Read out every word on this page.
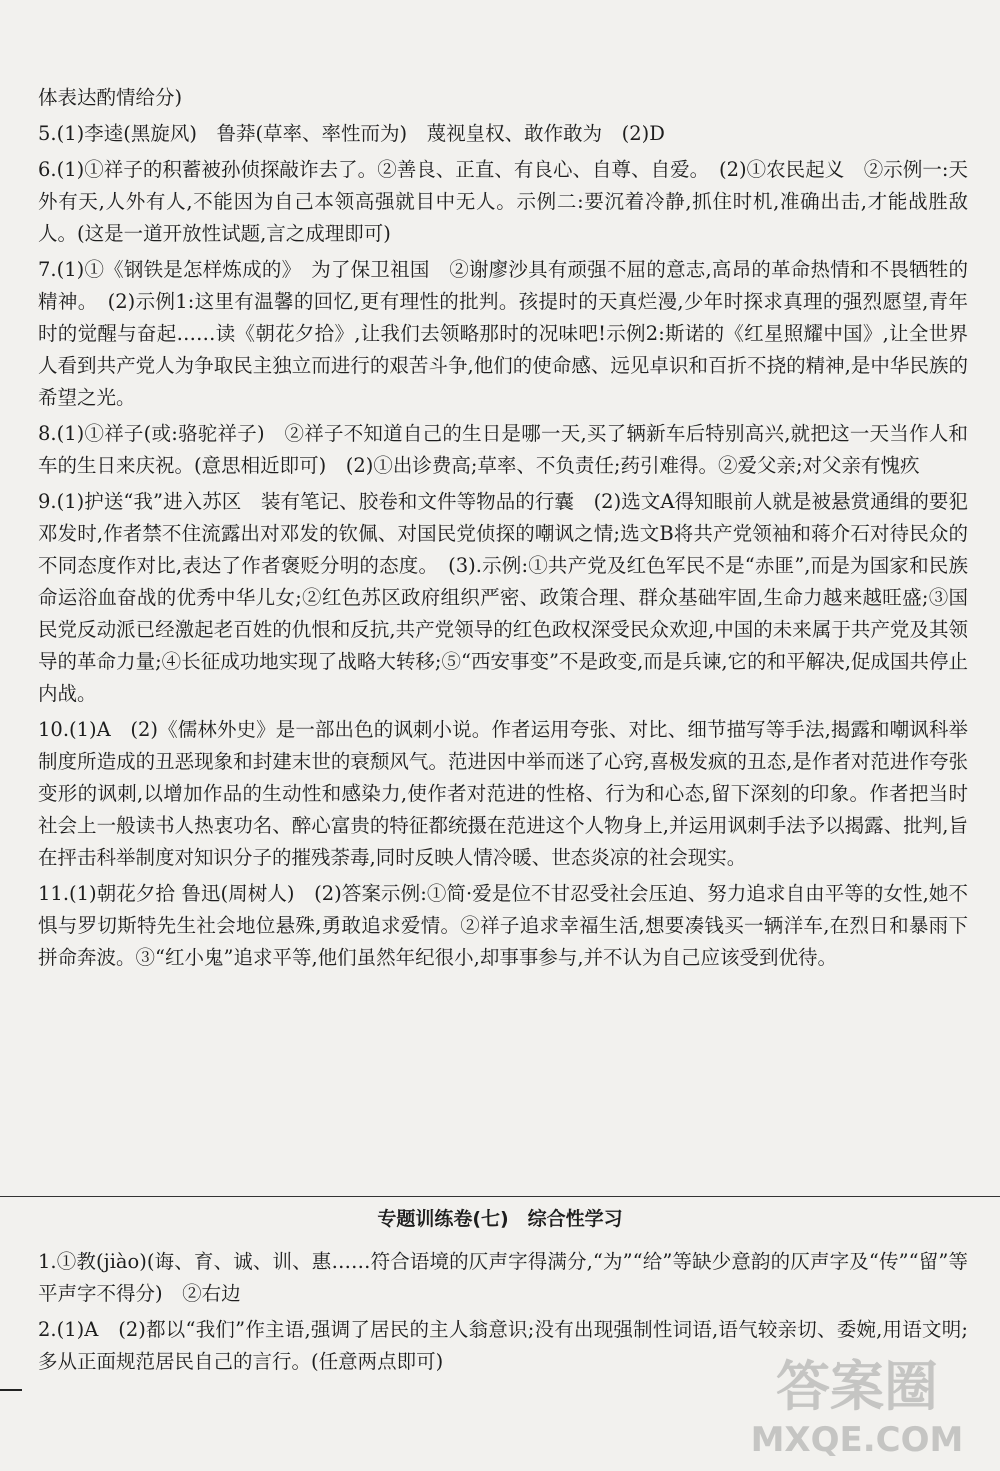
体表达酌情给分)

5.(1)李逵(黑旋风)　鲁莽(草率、率性而为)　蔑视皇权、敢作敢为　(2)D

6.(1)①祥子的积蓄被孙侦探敲诈去了。②善良、正直、有良心、自尊、自爱。　(2)①农民起义　②示例一:天外有天,人外有人,不能因为自己本领高强就目中无人。示例二:要沉着冷静,抓住时机,准确出击,才能战胜敌人。(这是一道开放性试题,言之成理即可)

7.(1)①《钢铁是怎样炼成的》　为了保卫祖国　②谢廖沙具有顽强不屈的意志,高昂的革命热情和不畏牺牲的精神。　(2)示例1:这里有温馨的回忆,更有理性的批判。孩提时的天真烂漫,少年时探求真理的强烈愿望,青年时的觉醒与奋起……读《朝花夕拾》,让我们去领略那时的况味吧!示例2:斯诺的《红星照耀中国》,让全世界人看到共产党人为争取民主独立而进行的艰苦斗争,他们的使命感、远见卓识和百折不挠的精神,是中华民族的希望之光。

8.(1)①祥子(或:骆驼祥子)　②祥子不知道自己的生日是哪一天,买了辆新车后特别高兴,就把这一天当作人和车的生日来庆祝。(意思相近即可)　(2)①出诊费高;草率、不负责任;药引难得。②爱父亲;对父亲有愧疚

9.(1)护送“我”进入苏区　装有笔记、胶卷和文件等物品的行囊　(2)选文A得知眼前人就是被悬赏通缉的要犯邓发时,作者禁不住流露出对邓发的钦佩、对国民党侦探的嘲讽之情;选文B将共产党领袖和蒋介石对待民众的不同态度作对比,表达了作者褒贬分明的态度。　(3).示例:①共产党及红色军民不是“赤匪”,而是为国家和民族命运浴血奋战的优秀中华儿女;②红色苏区政府组织严密、政策合理、群众基础牢固,生命力越来越旺盛;③国民党反动派已经激起老百姓的仇恨和反抗,共产党领导的红色政权深受民众欢迎,中国的未来属于共产党及其领导的革命力量;④长征成功地实现了战略大转移;⑤“西安事变”不是政变,而是兵谏,它的和平解决,促成国共停止内战。

10.(1)A　(2)《儒林外史》是一部出色的讽刺小说。作者运用夸张、对比、细节描写等手法,揭露和嘲讽科举制度所造成的丑恶现象和封建末世的衰颓风气。范进因中举而迷了心窍,喜极发疯的丑态,是作者对范进作夸张变形的讽刺,以增加作品的生动性和感染力,使作者对范进的性格、行为和心态,留下深刻的印象。作者把当时社会上一般读书人热衷功名、醉心富贵的特征都统摄在范进这个人物身上,并运用讽刺手法予以揭露、批判,旨在抨击科举制度对知识分子的摧残荼毒,同时反映人情冷暖、世态炎凉的社会现实。

11.(1)朝花夕拾 鲁迅(周树人)　(2)答案示例:①简·爱是位不甘忍受社会压迫、努力追求自由平等的女性,她不惧与罗切斯特先生社会地位悬殊,勇敢追求爱情。②祥子追求幸福生活,想要凑钱买一辆洋车,在烈日和暴雨下拼命奔波。③“红小鬼”追求平等,他们虽然年纪很小,却事事参与,并不认为自己应该受到优待。

专题训练卷(七)　综合性学习

1.①教(jiào)(诲、育、诚、训、惠……符合语境的仄声字得满分,“为”“给”等缺少意韵的仄声字及“传”“留”等平声字不得分)　②右边

2.(1)A　(2)都以“我们”作主语,强调了居民的主人翁意识;没有出现强制性词语,语气较亲切、委婉,用语文明;多从正面规范居民自己的言行。(任意两点即可)	答案圈
MXQE.COM
